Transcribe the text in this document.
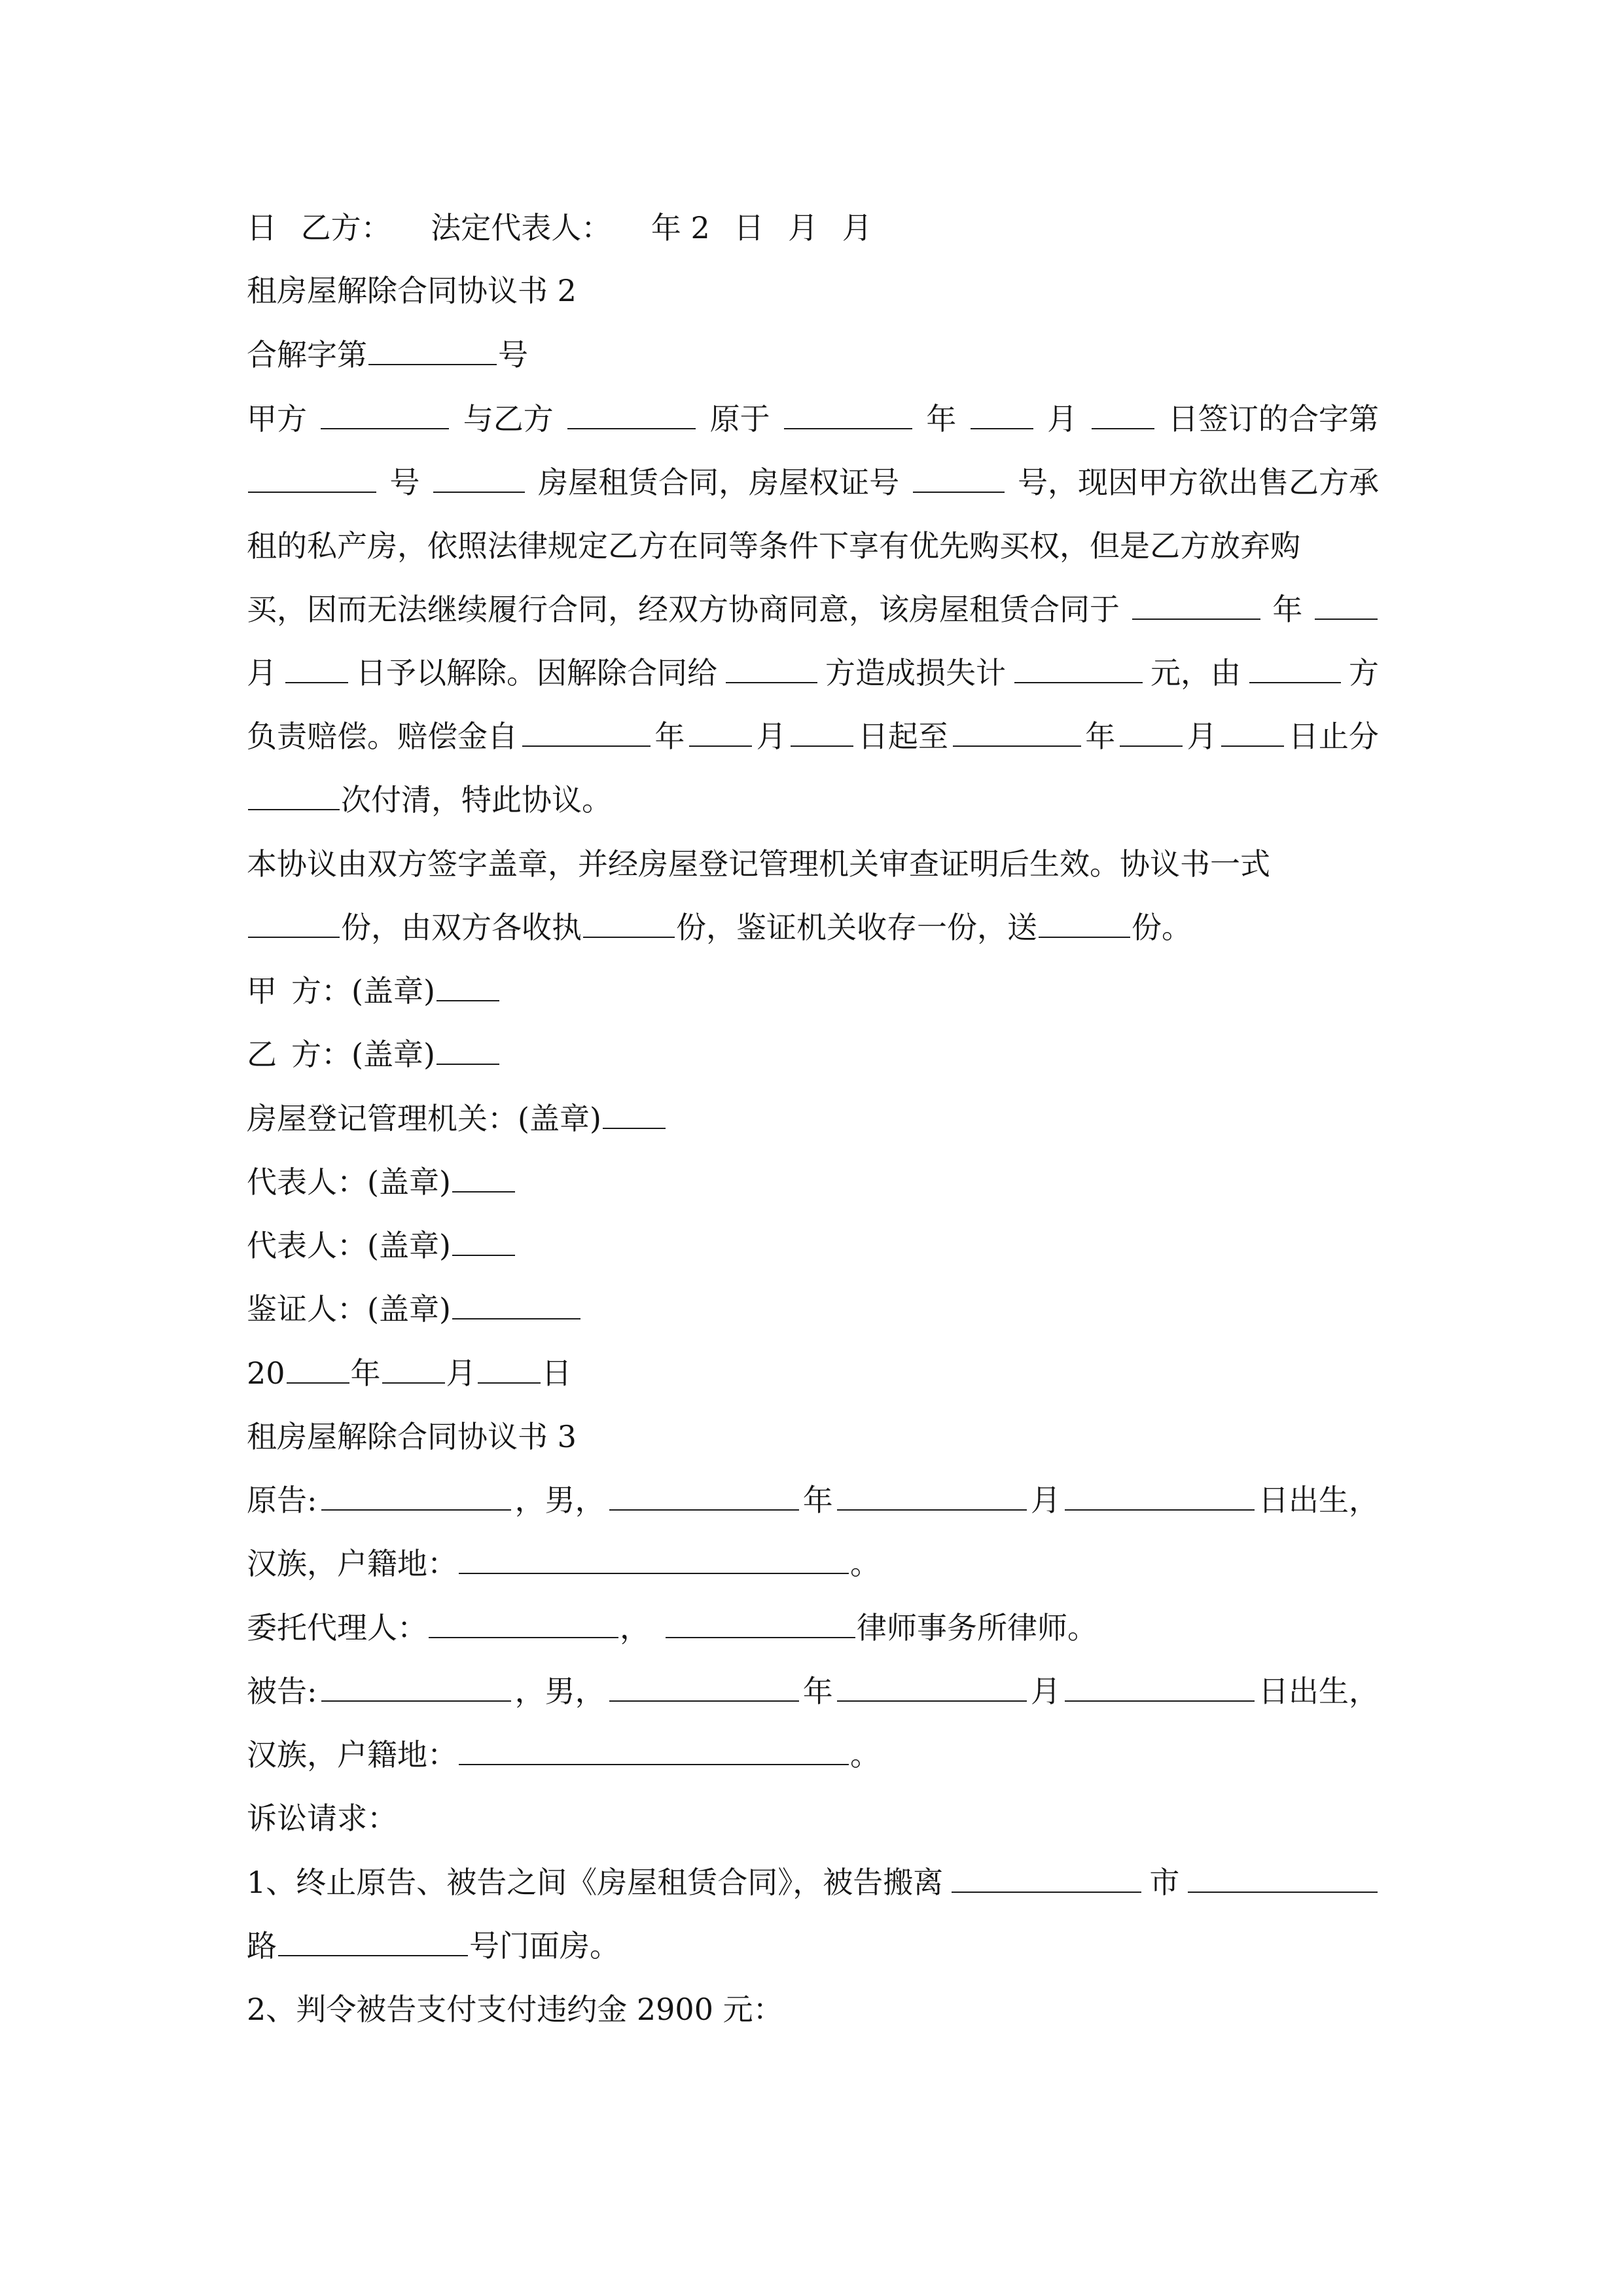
日 乙方： 法定代表人： 年 2 日 月 月
租房屋解除合同协议书 2
合解字第	号
甲方	与乙方	原于	年	月	日签订的合字第
号	房屋租赁合同，房屋权证号	号，现因甲方欲出售乙方承
租的私产房，依照法律规定乙方在同等条件下享有优先购买权，但是乙方放弃购
买，因而无法继续履行合同，经双方协商同意，该房屋租赁合同于	年
月	日予以解除。因解除合同给	方造成损失计	元，由	方
负责赔偿。赔偿金自	年 月 日起至	年 月 日止分
次付清，特此协议。
本协议由双方签字盖章，并经房屋登记管理机关审查证明后生效。协议书一式
份，由双方各收执	份，鉴证机关收存一份，送	份。
甲 方：(盖章)
乙 方：(盖章)
房屋登记管理机关：(盖章)
代表人：(盖章)
代表人：(盖章)
鉴证人：(盖章)
20 年 月 日
租房屋解除合同协议书 3
原告:	，男，	年	月	日出生，
汉族，户籍地：	。
委托代理人：	，	律师事务所律师。
被告:	，男，	年	月	日出生，
汉族，户籍地：	。
诉讼请求：
1、终止原告、被告之间《房屋租赁合同》，被告搬离	市
路	号门面房。
2、判令被告支付支付违约金 2900 元：
